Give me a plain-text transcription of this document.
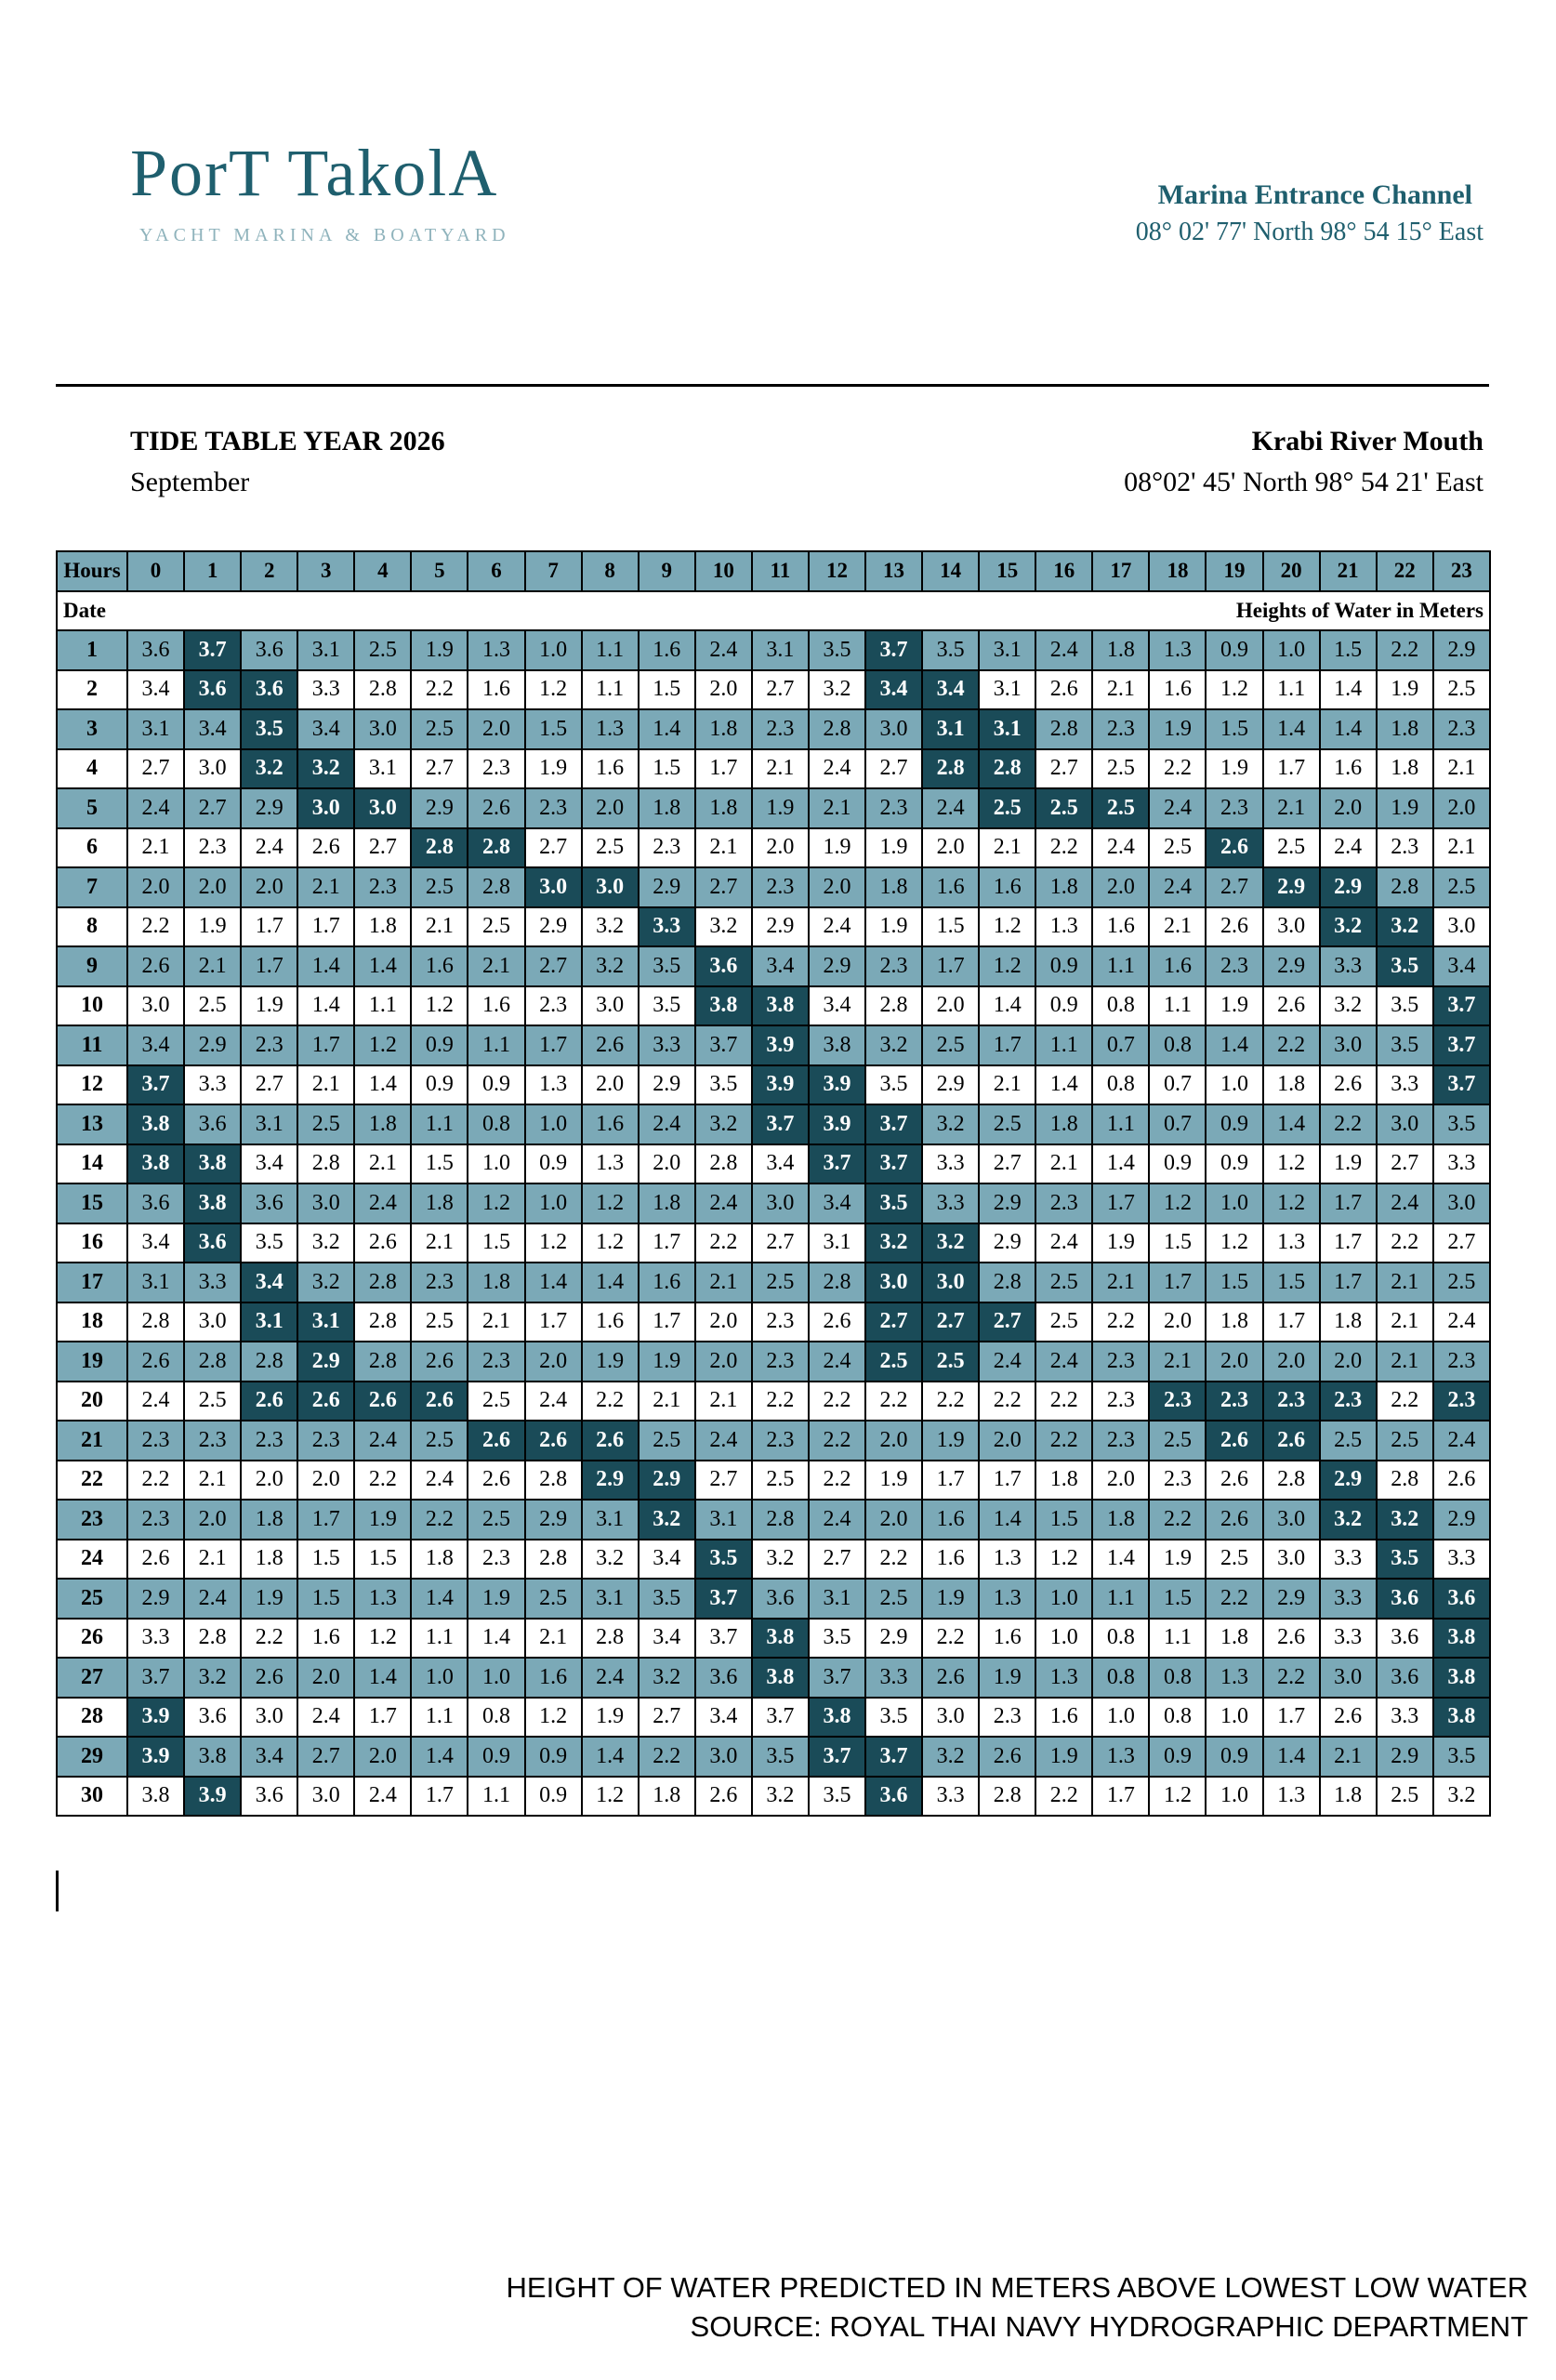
PorT TakolA
YACHT MARINA & BOATYARD
Marina Entrance Channel
08° 02' 77' North 98° 54 15° East
TIDE TABLE YEAR 2026
September
Krabi River Mouth
08°02' 45' North 98° 54 21' East
Hours	0	1	2	3	4	5	6	7	8	9	10	11	12	13	14	15	16	17	18	19	20	21	22	23
Date Heights of Water in Meters																								

1	3.6	3.7	3.6	3.1	2.5	1.9	1.3	1.0	1.1	1.6	2.4	3.1	3.5	3.7	3.5	3.1	2.4	1.8	1.3	0.9	1.0	1.5	2.2	2.9
2	3.4	3.6	3.6	3.3	2.8	2.2	1.6	1.2	1.1	1.5	2.0	2.7	3.2	3.4	3.4	3.1	2.6	2.1	1.6	1.2	1.1	1.4	1.9	2.5
3	3.1	3.4	3.5	3.4	3.0	2.5	2.0	1.5	1.3	1.4	1.8	2.3	2.8	3.0	3.1	3.1	2.8	2.3	1.9	1.5	1.4	1.4	1.8	2.3
4	2.7	3.0	3.2	3.2	3.1	2.7	2.3	1.9	1.6	1.5	1.7	2.1	2.4	2.7	2.8	2.8	2.7	2.5	2.2	1.9	1.7	1.6	1.8	2.1
5	2.4	2.7	2.9	3.0	3.0	2.9	2.6	2.3	2.0	1.8	1.8	1.9	2.1	2.3	2.4	2.5	2.5	2.5	2.4	2.3	2.1	2.0	1.9	2.0
6	2.1	2.3	2.4	2.6	2.7	2.8	2.8	2.7	2.5	2.3	2.1	2.0	1.9	1.9	2.0	2.1	2.2	2.4	2.5	2.6	2.5	2.4	2.3	2.1
7	2.0	2.0	2.0	2.1	2.3	2.5	2.8	3.0	3.0	2.9	2.7	2.3	2.0	1.8	1.6	1.6	1.8	2.0	2.4	2.7	2.9	2.9	2.8	2.5
8	2.2	1.9	1.7	1.7	1.8	2.1	2.5	2.9	3.2	3.3	3.2	2.9	2.4	1.9	1.5	1.2	1.3	1.6	2.1	2.6	3.0	3.2	3.2	3.0
9	2.6	2.1	1.7	1.4	1.4	1.6	2.1	2.7	3.2	3.5	3.6	3.4	2.9	2.3	1.7	1.2	0.9	1.1	1.6	2.3	2.9	3.3	3.5	3.4
10	3.0	2.5	1.9	1.4	1.1	1.2	1.6	2.3	3.0	3.5	3.8	3.8	3.4	2.8	2.0	1.4	0.9	0.8	1.1	1.9	2.6	3.2	3.5	3.7
11	3.4	2.9	2.3	1.7	1.2	0.9	1.1	1.7	2.6	3.3	3.7	3.9	3.8	3.2	2.5	1.7	1.1	0.7	0.8	1.4	2.2	3.0	3.5	3.7
12	3.7	3.3	2.7	2.1	1.4	0.9	0.9	1.3	2.0	2.9	3.5	3.9	3.9	3.5	2.9	2.1	1.4	0.8	0.7	1.0	1.8	2.6	3.3	3.7
13	3.8	3.6	3.1	2.5	1.8	1.1	0.8	1.0	1.6	2.4	3.2	3.7	3.9	3.7	3.2	2.5	1.8	1.1	0.7	0.9	1.4	2.2	3.0	3.5
14	3.8	3.8	3.4	2.8	2.1	1.5	1.0	0.9	1.3	2.0	2.8	3.4	3.7	3.7	3.3	2.7	2.1	1.4	0.9	0.9	1.2	1.9	2.7	3.3
15	3.6	3.8	3.6	3.0	2.4	1.8	1.2	1.0	1.2	1.8	2.4	3.0	3.4	3.5	3.3	2.9	2.3	1.7	1.2	1.0	1.2	1.7	2.4	3.0
16	3.4	3.6	3.5	3.2	2.6	2.1	1.5	1.2	1.2	1.7	2.2	2.7	3.1	3.2	3.2	2.9	2.4	1.9	1.5	1.2	1.3	1.7	2.2	2.7
17	3.1	3.3	3.4	3.2	2.8	2.3	1.8	1.4	1.4	1.6	2.1	2.5	2.8	3.0	3.0	2.8	2.5	2.1	1.7	1.5	1.5	1.7	2.1	2.5
18	2.8	3.0	3.1	3.1	2.8	2.5	2.1	1.7	1.6	1.7	2.0	2.3	2.6	2.7	2.7	2.7	2.5	2.2	2.0	1.8	1.7	1.8	2.1	2.4
19	2.6	2.8	2.8	2.9	2.8	2.6	2.3	2.0	1.9	1.9	2.0	2.3	2.4	2.5	2.5	2.4	2.4	2.3	2.1	2.0	2.0	2.0	2.1	2.3
20	2.4	2.5	2.6	2.6	2.6	2.6	2.5	2.4	2.2	2.1	2.1	2.2	2.2	2.2	2.2	2.2	2.2	2.3	2.3	2.3	2.3	2.3	2.2	2.3
21	2.3	2.3	2.3	2.3	2.4	2.5	2.6	2.6	2.6	2.5	2.4	2.3	2.2	2.0	1.9	2.0	2.2	2.3	2.5	2.6	2.6	2.5	2.5	2.4
22	2.2	2.1	2.0	2.0	2.2	2.4	2.6	2.8	2.9	2.9	2.7	2.5	2.2	1.9	1.7	1.7	1.8	2.0	2.3	2.6	2.8	2.9	2.8	2.6
23	2.3	2.0	1.8	1.7	1.9	2.2	2.5	2.9	3.1	3.2	3.1	2.8	2.4	2.0	1.6	1.4	1.5	1.8	2.2	2.6	3.0	3.2	3.2	2.9
24	2.6	2.1	1.8	1.5	1.5	1.8	2.3	2.8	3.2	3.4	3.5	3.2	2.7	2.2	1.6	1.3	1.2	1.4	1.9	2.5	3.0	3.3	3.5	3.3
25	2.9	2.4	1.9	1.5	1.3	1.4	1.9	2.5	3.1	3.5	3.7	3.6	3.1	2.5	1.9	1.3	1.0	1.1	1.5	2.2	2.9	3.3	3.6	3.6
26	3.3	2.8	2.2	1.6	1.2	1.1	1.4	2.1	2.8	3.4	3.7	3.8	3.5	2.9	2.2	1.6	1.0	0.8	1.1	1.8	2.6	3.3	3.6	3.8
27	3.7	3.2	2.6	2.0	1.4	1.0	1.0	1.6	2.4	3.2	3.6	3.8	3.7	3.3	2.6	1.9	1.3	0.8	0.8	1.3	2.2	3.0	3.6	3.8
28	3.9	3.6	3.0	2.4	1.7	1.1	0.8	1.2	1.9	2.7	3.4	3.7	3.8	3.5	3.0	2.3	1.6	1.0	0.8	1.0	1.7	2.6	3.3	3.8
29	3.9	3.8	3.4	2.7	2.0	1.4	0.9	0.9	1.4	2.2	3.0	3.5	3.7	3.7	3.2	2.6	1.9	1.3	0.9	0.9	1.4	2.1	2.9	3.5
30	3.8	3.9	3.6	3.0	2.4	1.7	1.1	0.9	1.2	1.8	2.6	3.2	3.5	3.6	3.3	2.8	2.2	1.7	1.2	1.0	1.3	1.8	2.5	3.2
HEIGHT OF WATER PREDICTED IN METERS ABOVE LOWEST LOW WATER
SOURCE: ROYAL THAI NAVY HYDROGRAPHIC DEPARTMENT
